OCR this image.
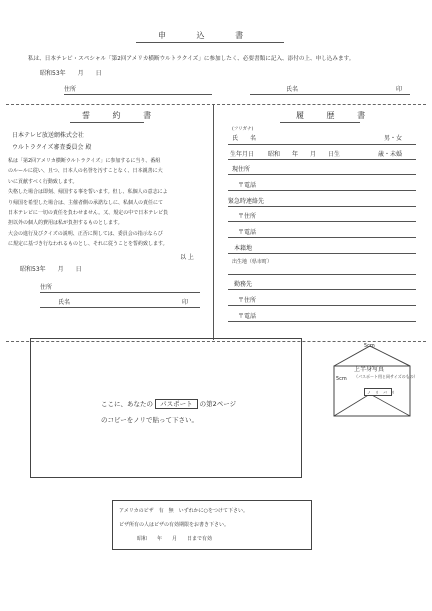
申 込 書
私は、日本テレビ・スペシャル「第2回アメリカ横断ウルトラクイズ」に参加したく、必要書類に記入、添付の上、申し込みます。
昭和53年　　月　　日
住所	氏名	印
誓 約 書
日本テレビ放送網株式会社
ウルトラクイズ審査委員会 殿
私は「第2回アメリカ横断ウルトラクイズ」に参加するに当り、番組
のルールに従い、且つ、日本人の名誉を汚すことなく、日本親善に大
いに貢献すべく行動致します。
失格した場合は即刻、帰国する事を誓います。但し、私個人の意志によ
り帰国を希望した場合は、主催者側の承諾なしに、私個人の責任にて
日本テレビに一切の責任を負わせません。又、規定の中で日本テレビ負
担以外の個人的費用は私が負担するものとします。
大会の進行及びクイズの説明、正否に関しては、委員会の指示ならび
に規定に基づき行なわれるものとし、それに従うことを誓約致します。
以 上
昭和53年　　月　　日
住所
氏名	印
履 歴 書
(フリガナ)
氏　　名	男・女
生年月日 昭和　　年　　月　　日生	歳・未婚
現住所
〒電話
緊急時連絡先
〒住所
〒電話
本籍地
出生地（県市町）
勤務先
〒住所
〒電話
ここに、あなたの パスポート の第2ページ
のコピーをノリで貼って下さい。
5cm
5cm
上半身写真
（パスポート用と同サイズのもの）
ノ　リ　バ　リ
アメリカのビザ　有　無　いずれかに○をつけて下さい。
ビザ所有の人はビザの有効期限をお書き下さい。
昭和　　年　　月　　日まで有効
